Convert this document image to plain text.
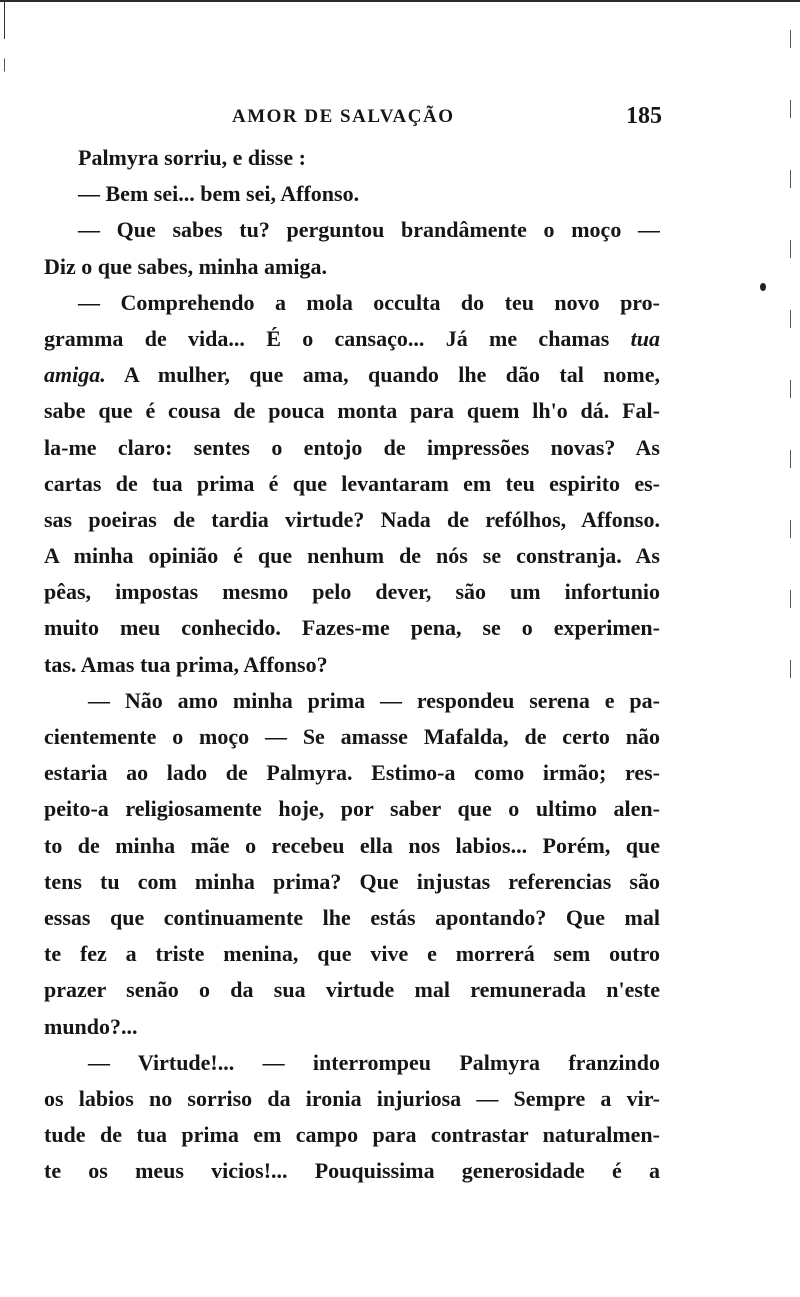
AMOR DE SALVAÇÃO	185
Palmyra sorriu, e disse :
— Bem sei... bem sei, Affonso.
— Que sabes tu? perguntou brandâmente o moço —
Diz o que sabes, minha amiga.
— Comprehendo a mola occulta do teu novo pro-
gramma de vida... É o cansaço... Já me chamas tua
amiga. A mulher, que ama, quando lhe dão tal nome,
sabe que é cousa de pouca monta para quem lh'o dá. Fal-
la-me claro: sentes o entojo de impressões novas? As
cartas de tua prima é que levantaram em teu espirito es-
sas poeiras de tardia virtude? Nada de refólhos, Affonso.
A minha opinião é que nenhum de nós se constranja. As
pêas, impostas mesmo pelo dever, são um infortunio
muito meu conhecido. Fazes-me pena, se o experimen-
tas. Amas tua prima, Affonso?
— Não amo minha prima — respondeu serena e pa-
cientemente o moço — Se amasse Mafalda, de certo não
estaria ao lado de Palmyra. Estimo-a como irmão; res-
peito-a religiosamente hoje, por saber que o ultimo alen-
to de minha mãe o recebeu ella nos labios... Porém, que
tens tu com minha prima? Que injustas referencias são
essas que continuamente lhe estás apontando? Que mal
te fez a triste menina, que vive e morrerá sem outro
prazer senão o da sua virtude mal remunerada n'este
mundo?...
— Virtude!... — interrompeu Palmyra franzindo
os labios no sorriso da ironia injuriosa — Sempre a vir-
tude de tua prima em campo para contrastar naturalmen-
te os meus vicios!... Pouquissima generosidade é a
